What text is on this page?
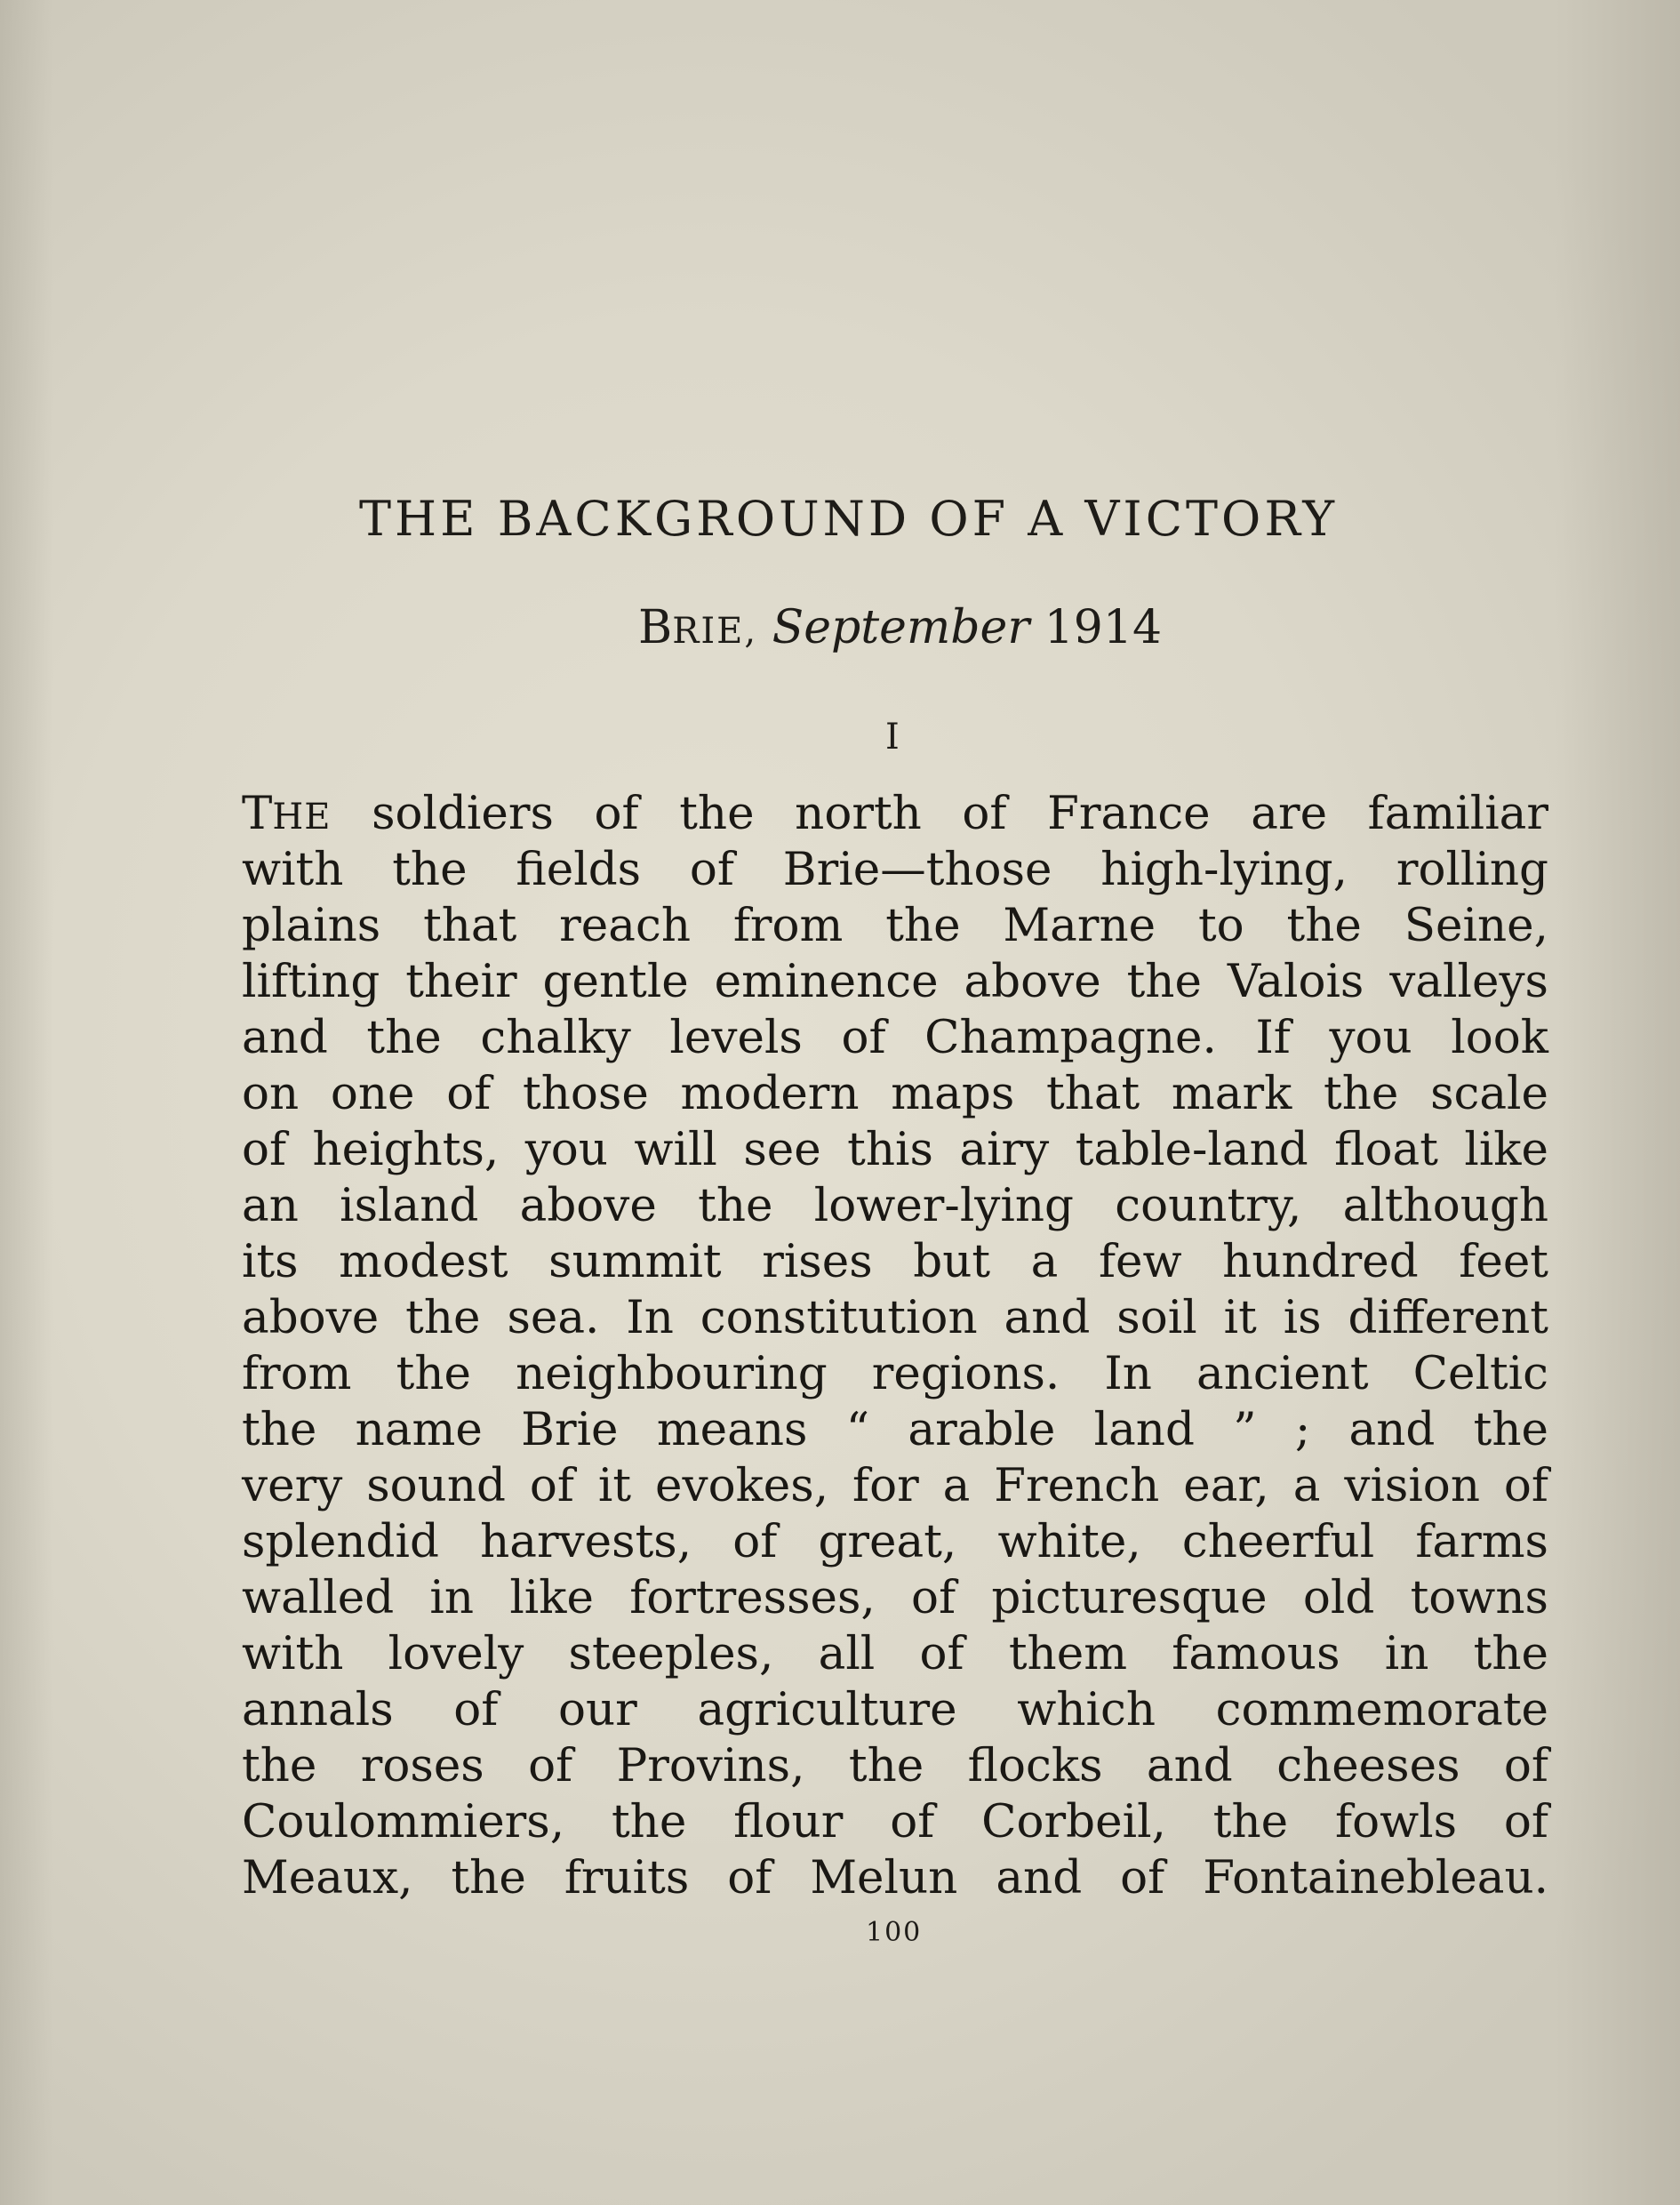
THE BACKGROUND OF A VICTORY
BRIE, September 1914
I
THE soldiers of the north of France are familiar
with the fields of Brie—those high-lying, rolling
plains that reach from the Marne to the Seine,
lifting their gentle eminence above the Valois valleys
and the chalky levels of Champagne. If you look
on one of those modern maps that mark the scale
of heights, you will see this airy table-land float like
an island above the lower-lying country, although
its modest summit rises but a few hundred feet
above the sea. In constitution and soil it is different
from the neighbouring regions. In ancient Celtic
the name Brie means “ arable land ” ; and the
very sound of it evokes, for a French ear, a vision of
splendid harvests, of great, white, cheerful farms
walled in like fortresses, of picturesque old towns
with lovely steeples, all of them famous in the
annals of our agriculture which commemorate
the roses of Provins, the flocks and cheeses of
Coulommiers, the flour of Corbeil, the fowls of
Meaux, the fruits of Melun and of Fontainebleau.
100
